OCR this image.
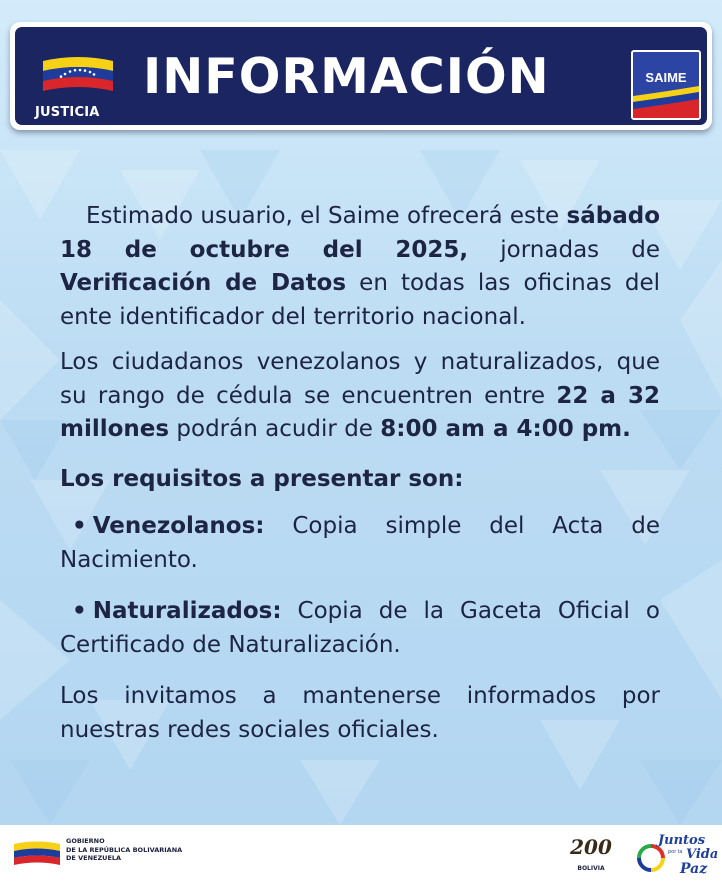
JUSTICIA
INFORMACIÓN	SAIME

Estimado usuario, el Saime ofrecerá este sábado 18 de octubre del 2025, jornadas de Verificación de Datos en todas las oficinas del ente identificador del territorio nacional.

Los ciudadanos venezolanos y naturalizados, que su rango de cédula se encuentren entre 22 a 32 millones podrán acudir de 8:00 am a 4:00 pm.

Los requisitos a presentar son:

• Venezolanos: Copia simple del Acta de Nacimiento.

• Naturalizados: Copia de la Gaceta Oficial o Certificado de Naturalización.

Los invitamos a mantenerse informados por nuestras redes sociales oficiales.

GOBIERNO
DE LA REPÚBLICA BOLIVARIANA
DE VENEZUELA	200
BOLIVIA
Juntos
por la Vida
Paz
